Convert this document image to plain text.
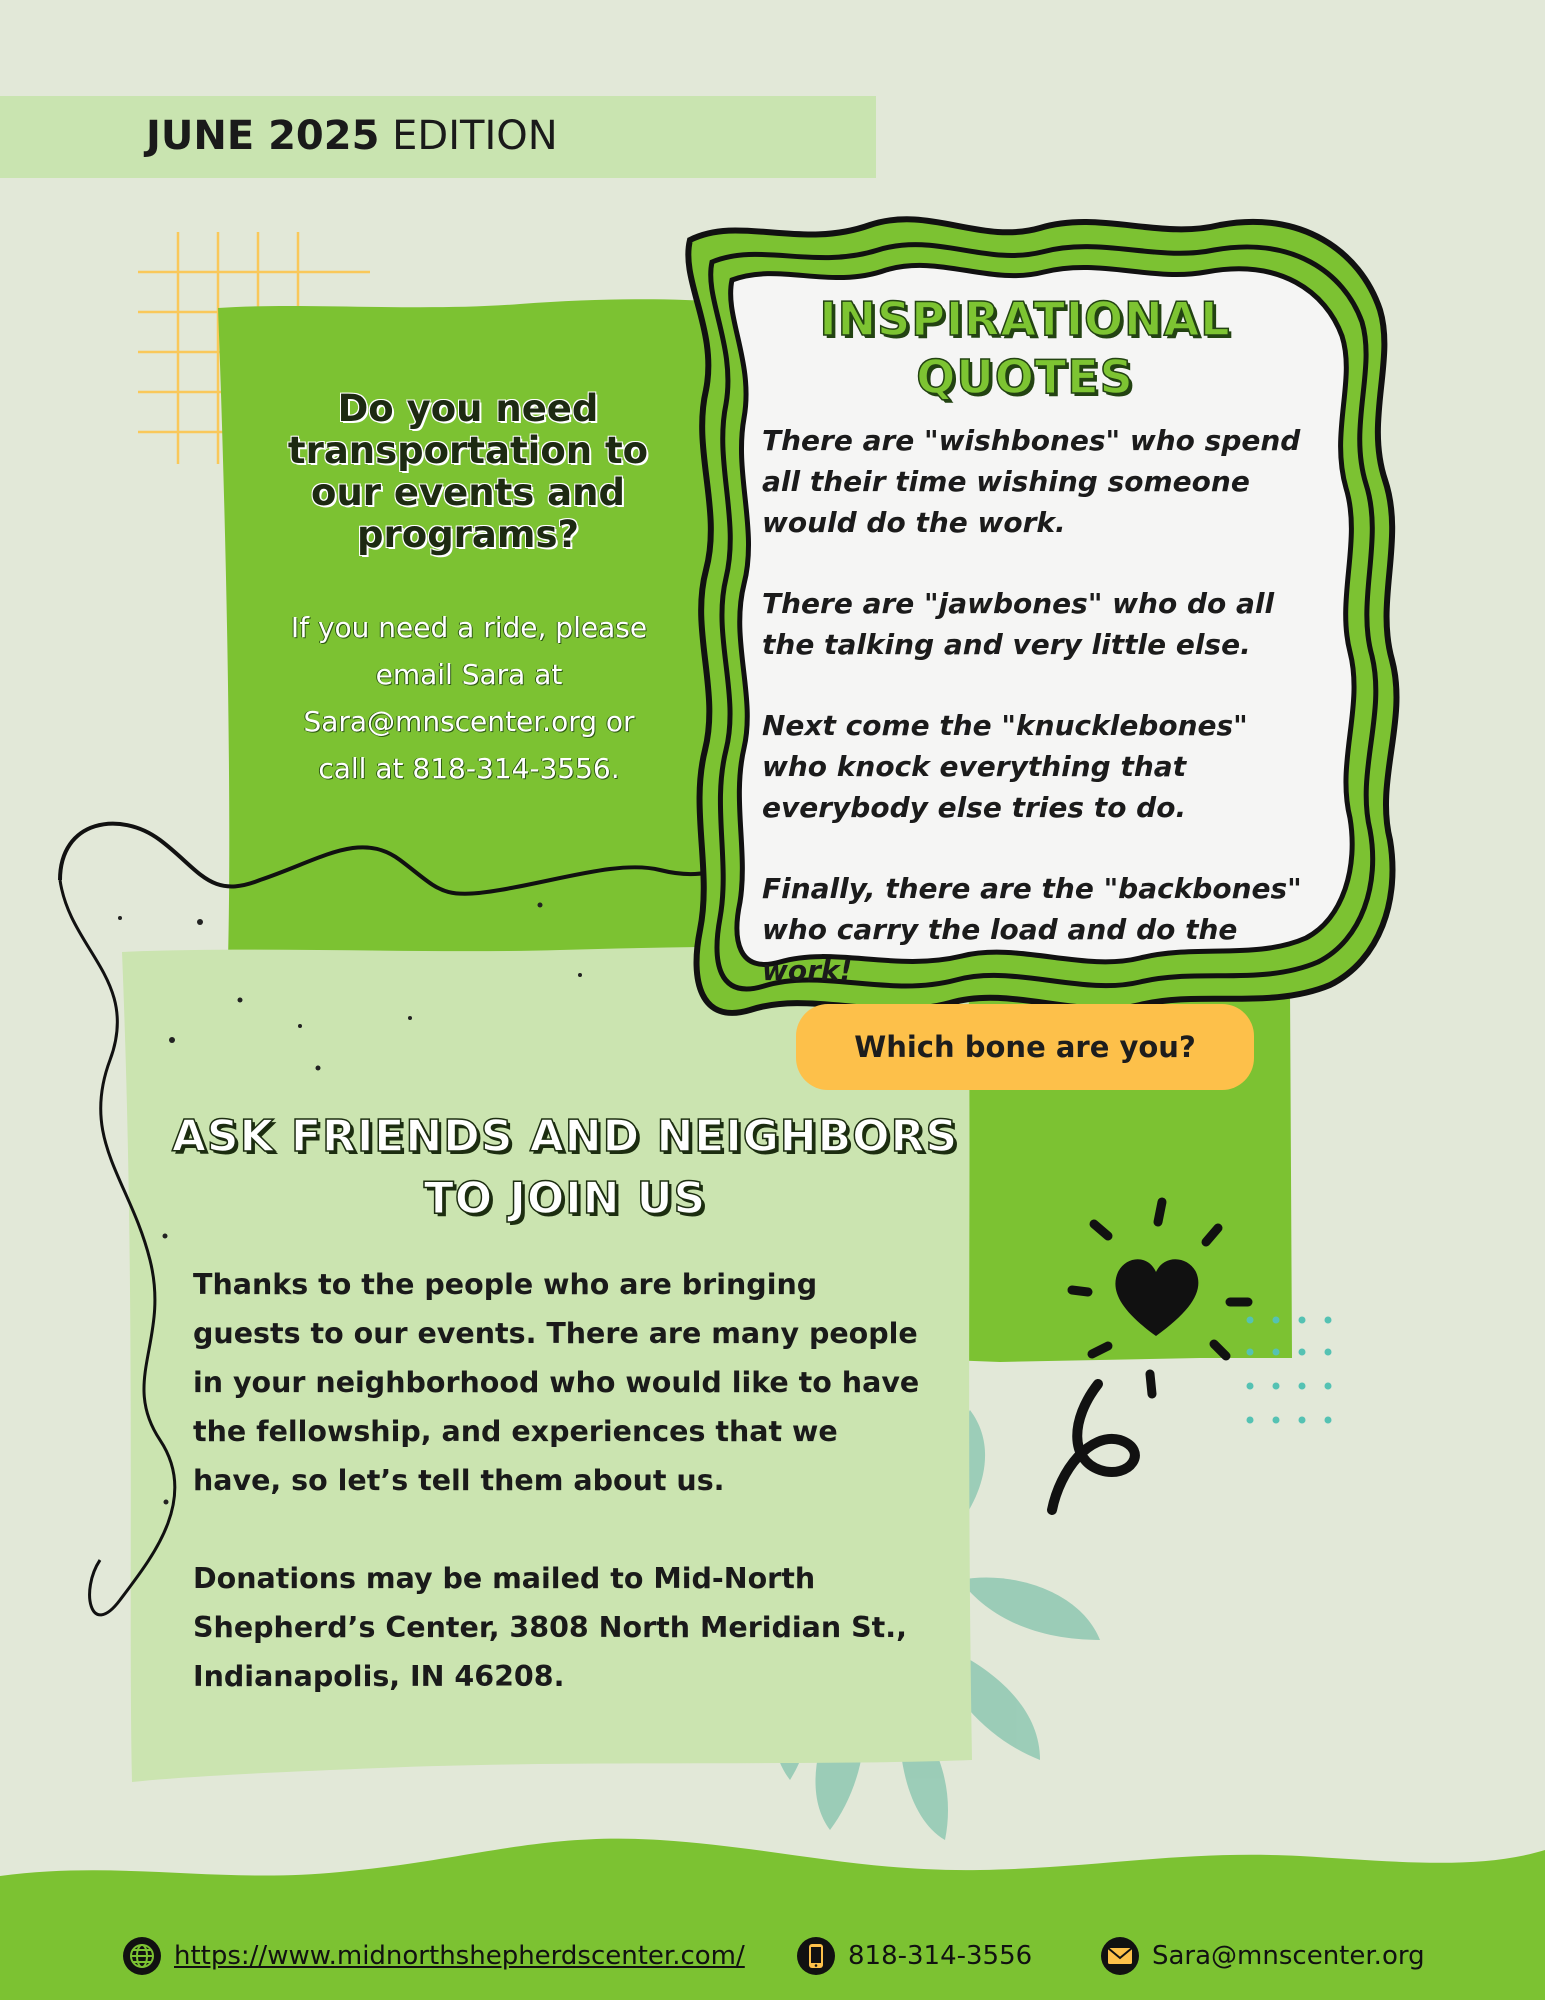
JUNE 2025 EDITION
Do you need transportation to our events and programs?
If you need a ride, please email Sara at Sara@mnscenter.org or call at 818-314-3556.
INSPIRATIONAL QUOTES

There are "wishbones" who spend all their time wishing someone would do the work.

There are "jawbones" who do all the talking and very little else.

Next come the "knucklebones" who knock everything that everybody else tries to do.

Finally, there are the "backbones" who carry the load and do the work!

Which bone are you?
ASK FRIENDS AND NEIGHBORS TO JOIN US

Thanks to the people who are bringing guests to our events. There are many people in your neighborhood who would like to have the fellowship, and experiences that we have, so let’s tell them about us.

Donations may be mailed to Mid-North Shepherd’s Center, 3808 North Meridian St., Indianapolis, IN 46208.

https://www.midnorthshepherdscenter.com/	818-314-3556	Sara@mnscenter.org
